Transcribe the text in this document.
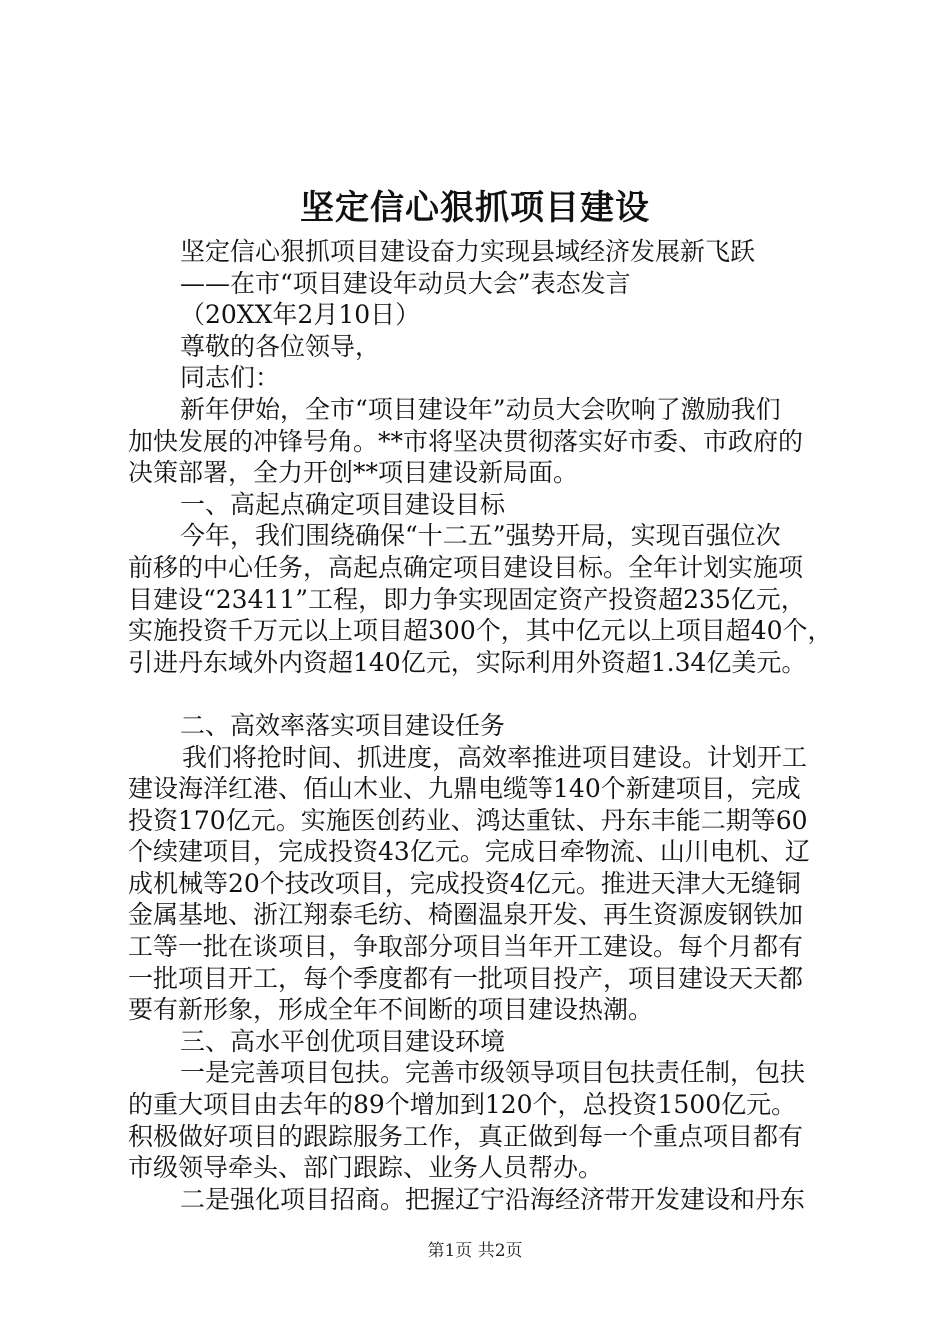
坚定信心狠抓项目建设
坚定信心狠抓项目建设奋力实现县域经济发展新飞跃
——在市“项目建设年动员大会”表态发言
（20XX年2月10日）
尊敬的各位领导，
同志们：
新年伊始，全市“项目建设年”动员大会吹响了激励我们
加快发展的冲锋号角。**市将坚决贯彻落实好市委、市政府的
决策部署，全力开创**项目建设新局面。
一、高起点确定项目建设目标
今年，我们围绕确保“十二五”强势开局，实现百强位次
前移的中心任务，高起点确定项目建设目标。全年计划实施项
目建设“23411”工程，即力争实现固定资产投资超235亿元，
实施投资千万元以上项目超300个，其中亿元以上项目超40个，
引进丹东域外内资超140亿元，实际利用外资超1.34亿美元。
二、高效率落实项目建设任务
我们将抢时间、抓进度，高效率推进项目建设。计划开工
建设海洋红港、佰山木业、九鼎电缆等140个新建项目，完成
投资170亿元。实施医创药业、鸿达重钛、丹东丰能二期等60
个续建项目，完成投资43亿元。完成日牵物流、山川电机、辽
成机械等20个技改项目，完成投资4亿元。推进天津大无缝铜
金属基地、浙江翔泰毛纺、椅圈温泉开发、再生资源废钢铁加
工等一批在谈项目，争取部分项目当年开工建设。每个月都有
一批项目开工，每个季度都有一批项目投产，项目建设天天都
要有新形象，形成全年不间断的项目建设热潮。
三、高水平创优项目建设环境
一是完善项目包扶。完善市级领导项目包扶责任制，包扶
的重大项目由去年的89个增加到120个，总投资1500亿元。
积极做好项目的跟踪服务工作，真正做到每一个重点项目都有
市级领导牵头、部门跟踪、业务人员帮办。
二是强化项目招商。把握辽宁沿海经济带开发建设和丹东
第1页 共2页
